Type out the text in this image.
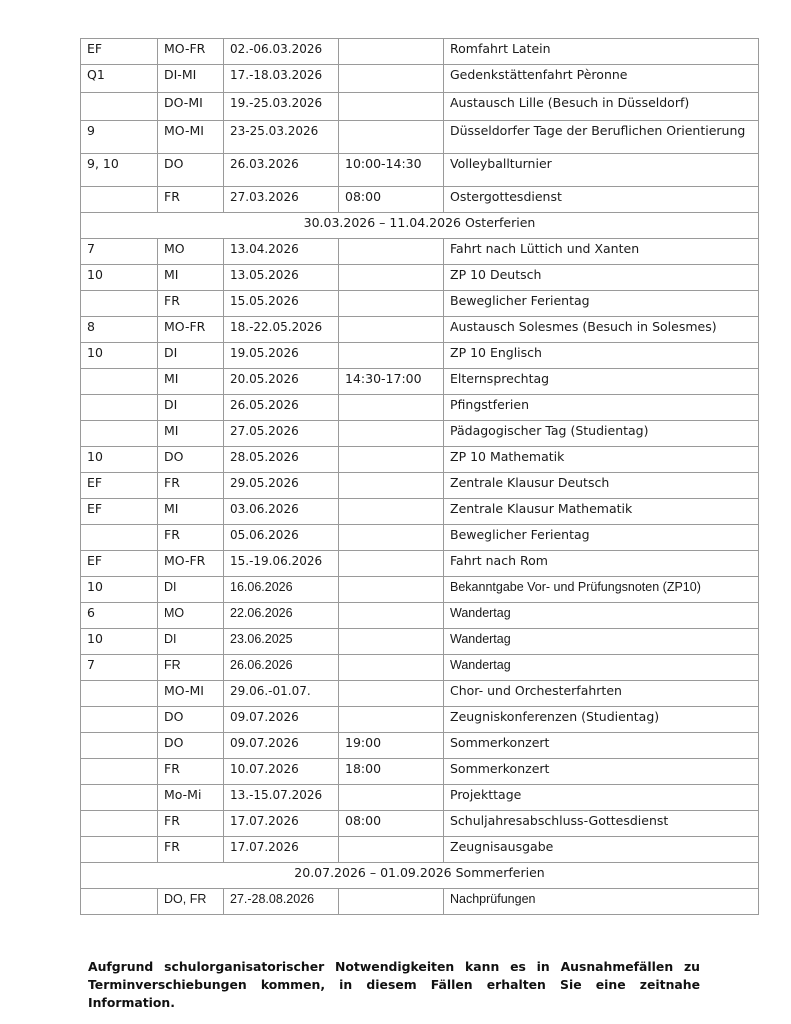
EF	MO-FR	02.-06.03.2026		Romfahrt Latein
Q1	DI-MI	17.-18.03.2026		Gedenkstättenfahrt Pèronne
	DO-MI	19.-25.03.2026		Austausch Lille (Besuch in Düsseldorf)
9	MO-MI	23-25.03.2026		Düsseldorfer Tage der Beruflichen Orientierung
9, 10	DO	26.03.2026	10:00-14:30	Volleyballturnier
	FR	27.03.2026	08:00	Ostergottesdienst
30.03.2026 – 11.04.2026 Osterferien				
7	MO	13.04.2026		Fahrt nach Lüttich und Xanten
10	MI	13.05.2026		ZP 10 Deutsch
	FR	15.05.2026		Beweglicher Ferientag
8	MO-FR	18.-22.05.2026		Austausch Solesmes (Besuch in Solesmes)
10	DI	19.05.2026		ZP 10 Englisch
	MI	20.05.2026	14:30-17:00	Elternsprechtag
	DI	26.05.2026		Pfingstferien
	MI	27.05.2026		Pädagogischer Tag (Studientag)
10	DO	28.05.2026		ZP 10 Mathematik
EF	FR	29.05.2026		Zentrale Klausur Deutsch
EF	MI	03.06.2026		Zentrale Klausur Mathematik
	FR	05.06.2026		Beweglicher Ferientag
EF	MO-FR	15.-19.06.2026		Fahrt nach Rom
10	DI	16.06.2026		Bekanntgabe Vor- und Prüfungsnoten (ZP10)
6	MO	22.06.2026		Wandertag
10	DI	23.06.2025		Wandertag
7	FR	26.06.2026		Wandertag
	MO-MI	29.06.-01.07.		Chor- und Orchesterfahrten
	DO	09.07.2026		Zeugniskonferenzen (Studientag)
	DO	09.07.2026	19:00	Sommerkonzert
	FR	10.07.2026	18:00	Sommerkonzert
	Mo-Mi	13.-15.07.2026		Projekttage
	FR	17.07.2026	08:00	Schuljahresabschluss-Gottesdienst
	FR	17.07.2026		Zeugnisausgabe
20.07.2026 – 01.09.2026 Sommerferien				
	DO, FR	27.-28.08.2026		Nachprüfungen
Aufgrund schulorganisatorischer Notwendigkeiten kann es in Ausnahmefällen zu Terminverschiebungen kommen, in diesem Fällen erhalten Sie eine zeitnahe Information.
